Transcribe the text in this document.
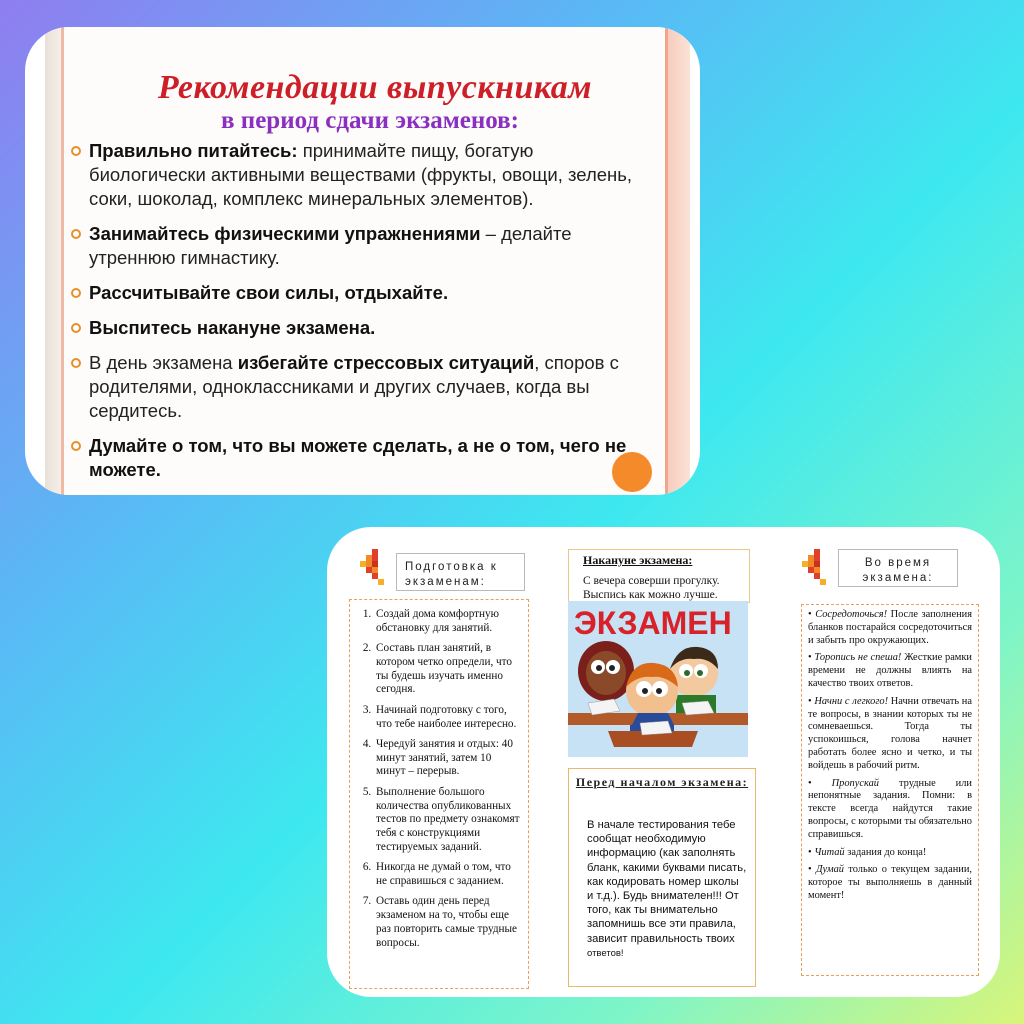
Рекомендации выпускникам
в период сдачи экзаменов:
Правильно питайтесь: принимайте пищу, богатую биологически активными веществами (фрукты, овощи, зелень, соки, шоколад, комплекс минеральных элементов).
Занимайтесь физическими упражнениями – делайте утреннюю гимнастику.
Рассчитывайте свои силы, отдыхайте.
Выспитесь накануне экзамена.
В день экзамена избегайте стрессовых ситуаций, споров с родителями, одноклассниками и других случаев, когда вы сердитесь.
Думайте о том, что вы можете сделать, а не о том, чего не можете.
Подготовка к экзаменам:
1. Создай дома комфортную обстановку для занятий.
2. Составь план занятий, в котором четко определи, что ты будешь изучать именно сегодня.
3. Начинай подготовку с того, что тебе наиболее интересно.
4. Чередуй занятия и отдых: 40 минут занятий, затем 10 минут – перерыв.
5. Выполнение большого количества опубликованных тестов по предмету ознакомят тебя с конструкциями тестируемых заданий.
6. Никогда не думай о том, что не справишься с заданием.
7. Оставь один день перед экзаменом на то, чтобы еще раз повторить самые трудные вопросы.
Накануне экзамена:
С вечера соверши прогулку. Выспись как можно лучше.
ЭКЗАМЕН
Перед началом экзамена:
В начале тестирования тебе сообщат необходимую информацию (как заполнять бланк, какими буквами писать, как кодировать номер школы и т.д.). Будь внимателен!!! От того, как ты внимательно запомнишь все эти правила, зависит правильность твоих ответов!
Во время экзамена:
• Сосредоточься! После заполнения бланков постарайся сосредоточиться и забыть про окружающих.
• Торопись не спеша! Жесткие рамки времени не должны влиять на качество твоих ответов.
• Начни с легкого! Начни отвечать на те вопросы, в знании которых ты не сомневаешься. Тогда ты успокоишься, голова начнет работать более ясно и четко, и ты войдешь в рабочий ритм.
• Пропускай трудные или непонятные задания. Помни: в тексте всегда найдутся такие вопросы, с которыми ты обязательно справишься.
• Читай задания до конца!
• Думай только о текущем задании, которое ты выполняешь в данный момент!
